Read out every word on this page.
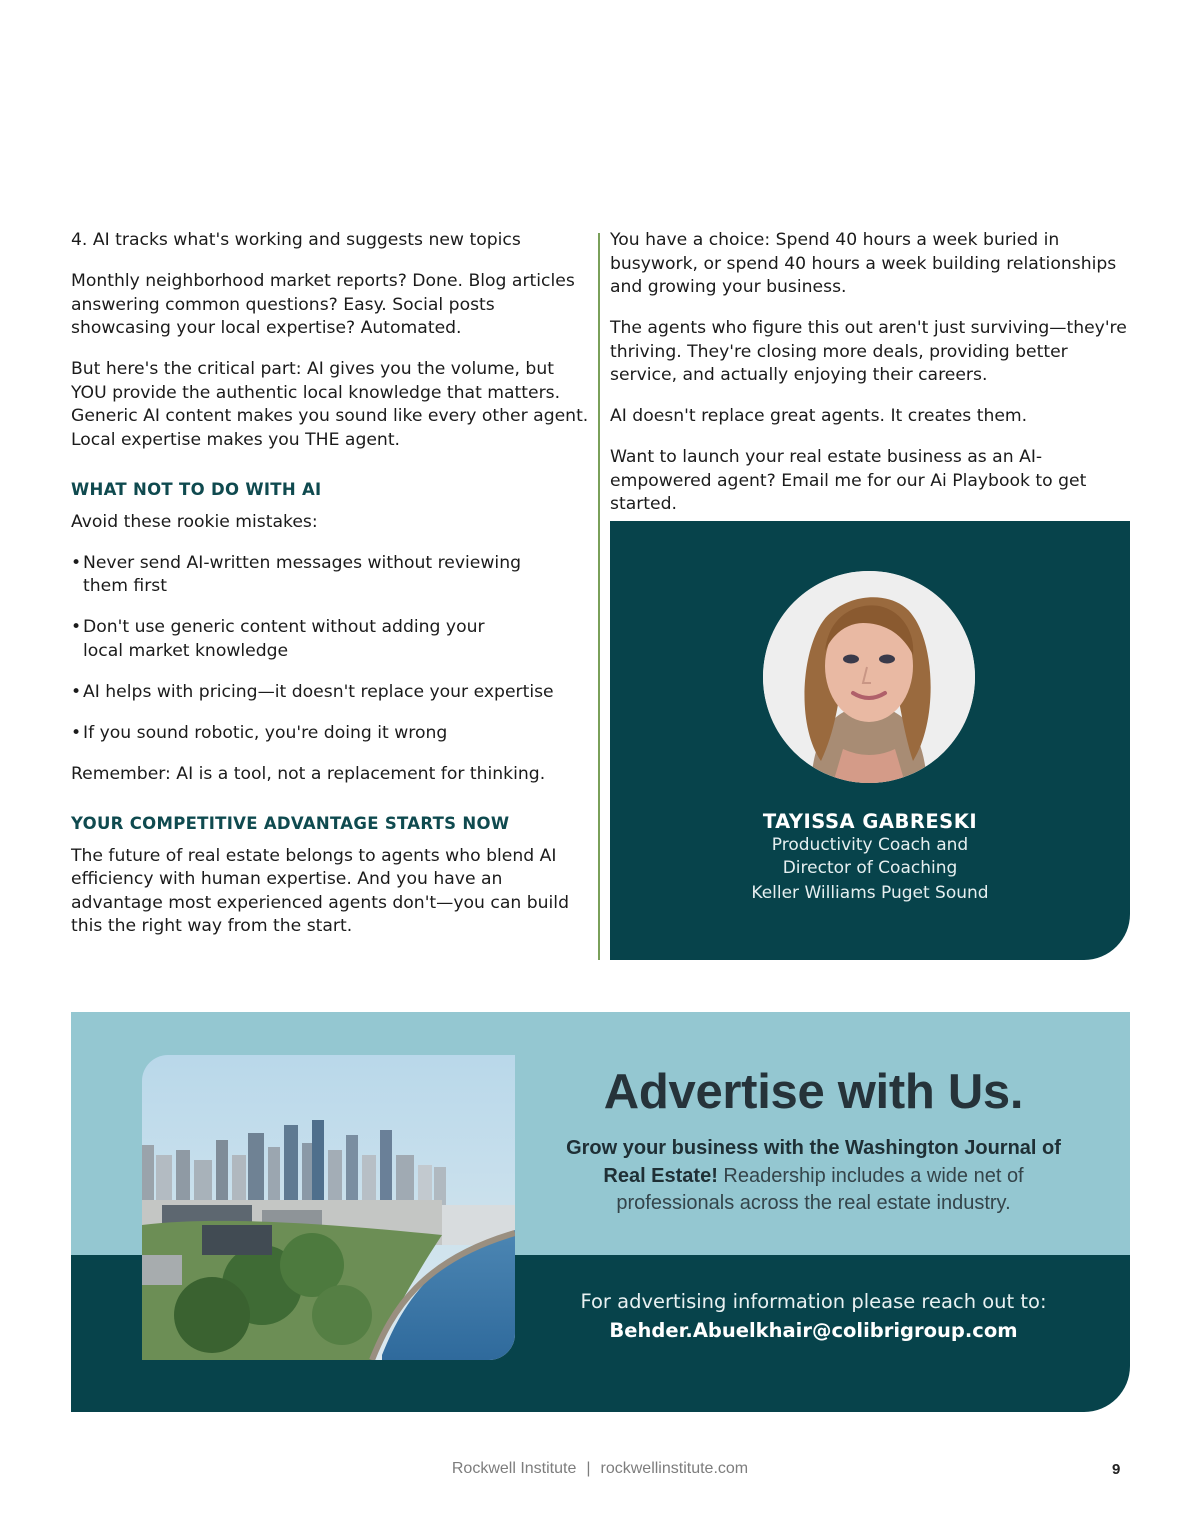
4. AI tracks what's working and suggests new topics
Monthly neighborhood market reports? Done. Blog articles answering common questions? Easy. Social posts showcasing your local expertise? Automated.
But here's the critical part: AI gives you the volume, but YOU provide the authentic local knowledge that matters. Generic AI content makes you sound like every other agent. Local expertise makes you THE agent.
WHAT NOT TO DO WITH AI
Avoid these rookie mistakes:
• Never send AI-written messages without reviewing them first
• Don't use generic content without adding your local market knowledge
• AI helps with pricing—it doesn't replace your expertise
• If you sound robotic, you're doing it wrong
Remember: AI is a tool, not a replacement for thinking.
YOUR COMPETITIVE ADVANTAGE STARTS NOW
The future of real estate belongs to agents who blend AI efficiency with human expertise. And you have an advantage most experienced agents don't—you can build this the right way from the start.
You have a choice: Spend 40 hours a week buried in busywork, or spend 40 hours a week building relationships and growing your business.
The agents who figure this out aren't just surviving—they're thriving. They're closing more deals, providing better service, and actually enjoying their careers.
AI doesn't replace great agents. It creates them.
Want to launch your real estate business as an AI-empowered agent? Email me for our Ai Playbook to get started.
TAYISSA GABRESKI
Productivity Coach and
Director of Coaching
Keller Williams Puget Sound
Advertise with Us.
Grow your business with the Washington Journal of Real Estate! Readership includes a wide net of professionals across the real estate industry.
For advertising information please reach out to:
Behder.Abuelkhair@colibrigroup.com
Rockwell Institute | rockwellinstitute.com	9
